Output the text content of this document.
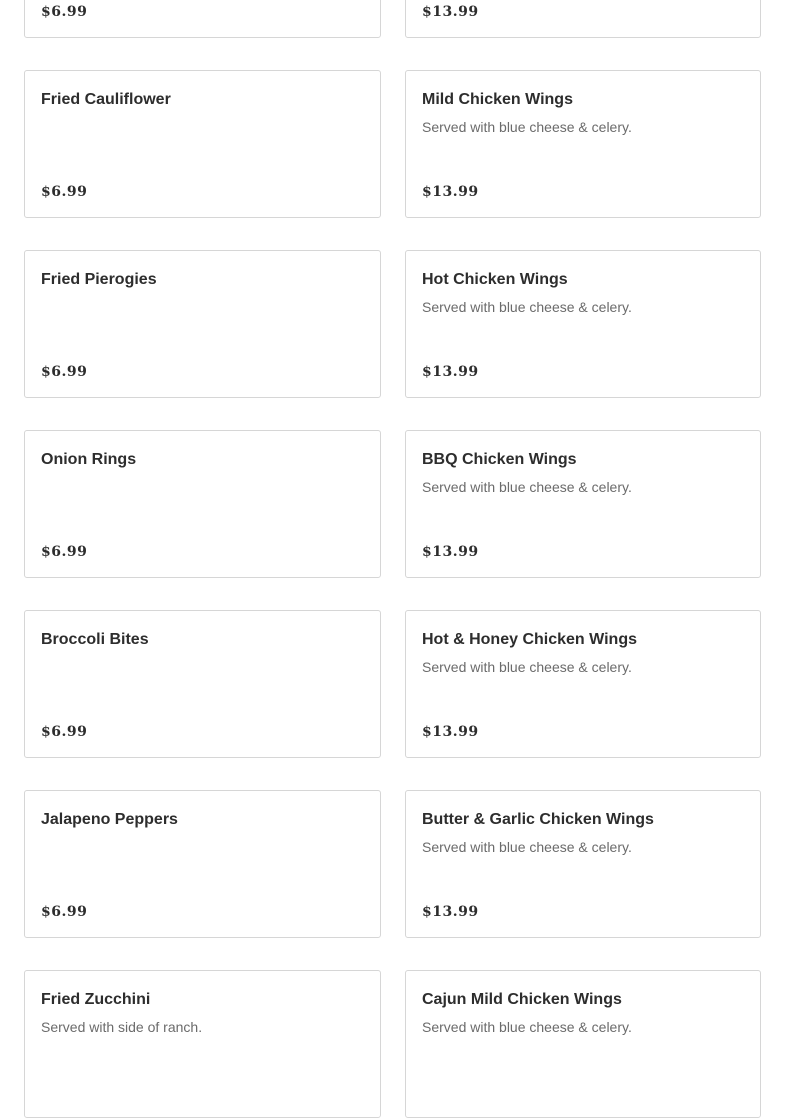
$6.99	$13.99
Fried Cauliflower
$6.99
Mild Chicken Wings
Served with blue cheese & celery.
$13.99
Fried Pierogies
$6.99
Hot Chicken Wings
Served with blue cheese & celery.
$13.99
Onion Rings
$6.99
BBQ Chicken Wings
Served with blue cheese & celery.
$13.99
Broccoli Bites
$6.99
Hot & Honey Chicken Wings
Served with blue cheese & celery.
$13.99
Jalapeno Peppers
$6.99
Butter & Garlic Chicken Wings
Served with blue cheese & celery.
$13.99
Fried Zucchini
Served with side of ranch.
Cajun Mild Chicken Wings
Served with blue cheese & celery.
